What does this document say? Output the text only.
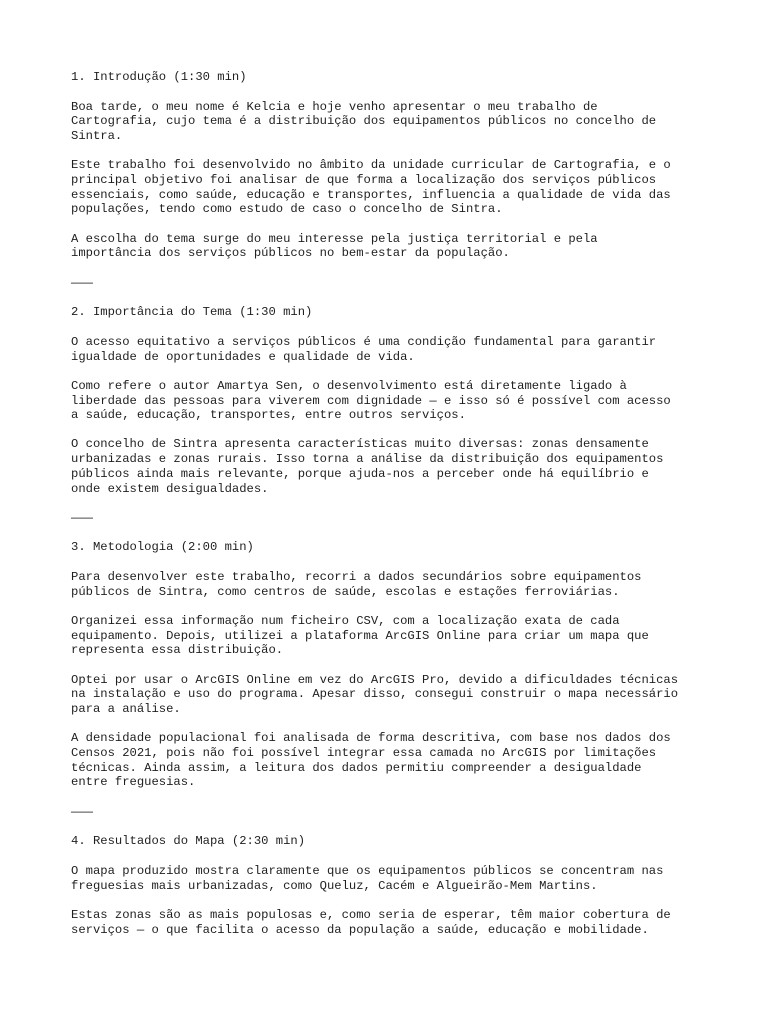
1. Introdução (1:30 min)
Boa tarde, o meu nome é Kelcia e hoje venho apresentar o meu trabalho de
Cartografia, cujo tema é a distribuição dos equipamentos públicos no concelho de
Sintra.
Este trabalho foi desenvolvido no âmbito da unidade curricular de Cartografia, e o
principal objetivo foi analisar de que forma a localização dos serviços públicos
essenciais, como saúde, educação e transportes, influencia a qualidade de vida das
populações, tendo como estudo de caso o concelho de Sintra.
A escolha do tema surge do meu interesse pela justiça territorial e pela
importância dos serviços públicos no bem-estar da população.
———
2. Importância do Tema (1:30 min)
O acesso equitativo a serviços públicos é uma condição fundamental para garantir
igualdade de oportunidades e qualidade de vida.
Como refere o autor Amartya Sen, o desenvolvimento está diretamente ligado à
liberdade das pessoas para viverem com dignidade — e isso só é possível com acesso
a saúde, educação, transportes, entre outros serviços.
O concelho de Sintra apresenta características muito diversas: zonas densamente
urbanizadas e zonas rurais. Isso torna a análise da distribuição dos equipamentos
públicos ainda mais relevante, porque ajuda-nos a perceber onde há equilíbrio e
onde existem desigualdades.
———
3. Metodologia (2:00 min)
Para desenvolver este trabalho, recorri a dados secundários sobre equipamentos
públicos de Sintra, como centros de saúde, escolas e estações ferroviárias.
Organizei essa informação num ficheiro CSV, com a localização exata de cada
equipamento. Depois, utilizei a plataforma ArcGIS Online para criar um mapa que
representa essa distribuição.
Optei por usar o ArcGIS Online em vez do ArcGIS Pro, devido a dificuldades técnicas
na instalação e uso do programa. Apesar disso, consegui construir o mapa necessário
para a análise.
A densidade populacional foi analisada de forma descritiva, com base nos dados dos
Censos 2021, pois não foi possível integrar essa camada no ArcGIS por limitações
técnicas. Ainda assim, a leitura dos dados permitiu compreender a desigualdade
entre freguesias.
———
4. Resultados do Mapa (2:30 min)
O mapa produzido mostra claramente que os equipamentos públicos se concentram nas
freguesias mais urbanizadas, como Queluz, Cacém e Algueirão-Mem Martins.
Estas zonas são as mais populosas e, como seria de esperar, têm maior cobertura de
serviços — o que facilita o acesso da população a saúde, educação e mobilidade.
